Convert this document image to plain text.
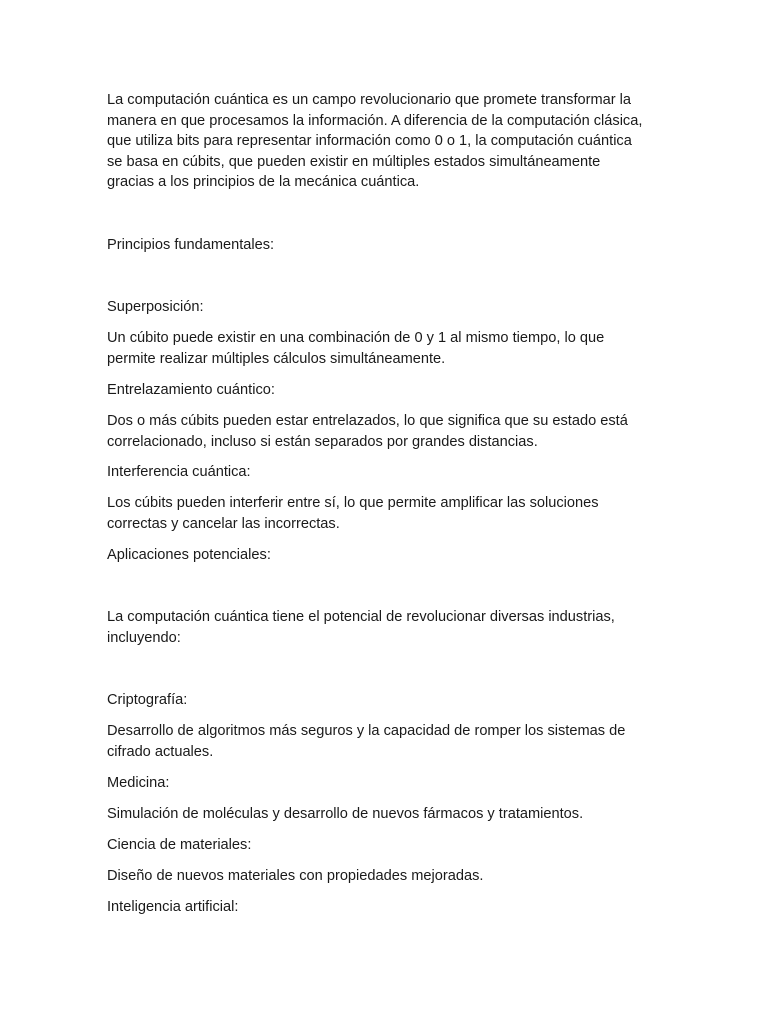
La computación cuántica es un campo revolucionario que promete transformar la
manera en que procesamos la información. A diferencia de la computación clásica,
que utiliza bits para representar información como 0 o 1, la computación cuántica
se basa en cúbits, que pueden existir en múltiples estados simultáneamente
gracias a los principios de la mecánica cuántica.

Principios fundamentales:

Superposición:

Un cúbito puede existir en una combinación de 0 y 1 al mismo tiempo, lo que
permite realizar múltiples cálculos simultáneamente.

Entrelazamiento cuántico:

Dos o más cúbits pueden estar entrelazados, lo que significa que su estado está
correlacionado, incluso si están separados por grandes distancias.

Interferencia cuántica:

Los cúbits pueden interferir entre sí, lo que permite amplificar las soluciones
correctas y cancelar las incorrectas.

Aplicaciones potenciales:

La computación cuántica tiene el potencial de revolucionar diversas industrias,
incluyendo:

Criptografía:

Desarrollo de algoritmos más seguros y la capacidad de romper los sistemas de
cifrado actuales.

Medicina:

Simulación de moléculas y desarrollo de nuevos fármacos y tratamientos.

Ciencia de materiales:

Diseño de nuevos materiales con propiedades mejoradas.

Inteligencia artificial:
